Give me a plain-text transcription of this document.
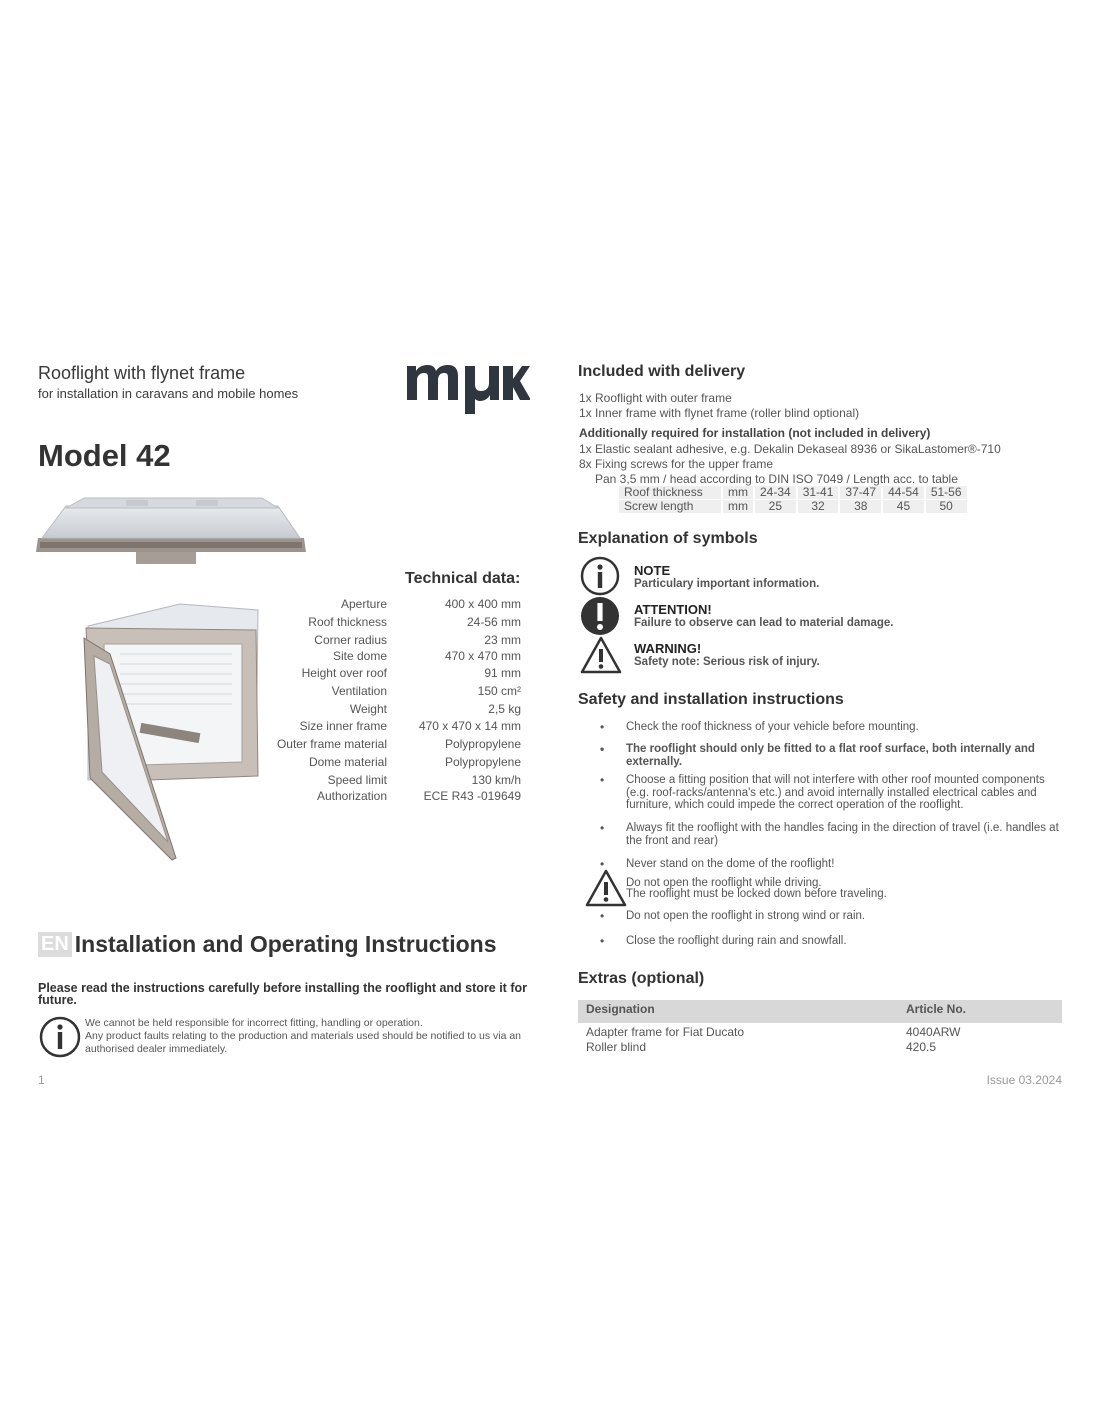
Rooflight with flynet frame
for installation in caravans and mobile homes
Model 42
Technical data:
Aperture	400 x 400 mm
Roof thickness	24-56 mm
Corner radius	23 mm
Site dome	470 x 470 mm
Height over roof	91 mm
Ventilation	150 cm²
Weight	2,5 kg
Size inner frame	470 x 470 x 14 mm
Outer frame material	Polypropylene
Dome material	Polypropylene
Speed limit	130 km/h
Authorization	ECE R43 -019649
EN Installation and Operating Instructions
Please read the instructions carefully before installing the rooflight and store it for future.
We cannot be held responsible for incorrect fitting, handling or operation.
Any product faults relating to the production and materials used should be notified to us via an authorised dealer immediately.
1	Issue 03.2024
Included with delivery
1x Rooflight with outer frame
1x Inner frame with flynet frame (roller blind optional)
Additionally required for installation (not included in delivery)
1x Elastic sealant adhesive, e.g. Dekalin Dekaseal 8936 or SikaLastomer®-710
8x Fixing screws for the upper frame
Pan 3,5 mm / head according to DIN ISO 7049 / Length acc. to table
Roof thickness	mm	24-34	31-41	37-47	44-54	51-56
Screw length	mm	25	32	38	45	50
Explanation of symbols
NOTE
Particulary important information.
ATTENTION!
Failure to observe can lead to material damage.
WARNING!
Safety note: Serious risk of injury.
Safety and installation instructions
• Check the roof thickness of your vehicle before mounting.
• The rooflight should only be fitted to a flat roof surface, both internally and externally.
• Choose a fitting position that will not interfere with other roof mounted components (e.g. roof-racks/antenna's etc.) and avoid internally installed electrical cables and furniture, which could impede the correct operation of the rooflight.
• Always fit the rooflight with the handles facing in the direction of travel (i.e. handles at the front and rear)
• Never stand on the dome of the rooflight!
Do not open the rooflight while driving.
The rooflight must be locked down before traveling.
• Do not open the rooflight in strong wind or rain.
• Close the rooflight during rain and snowfall.
Extras (optional)
Designation	Article No.
Adapter frame for Fiat Ducato	4040ARW
Roller blind	420.5
